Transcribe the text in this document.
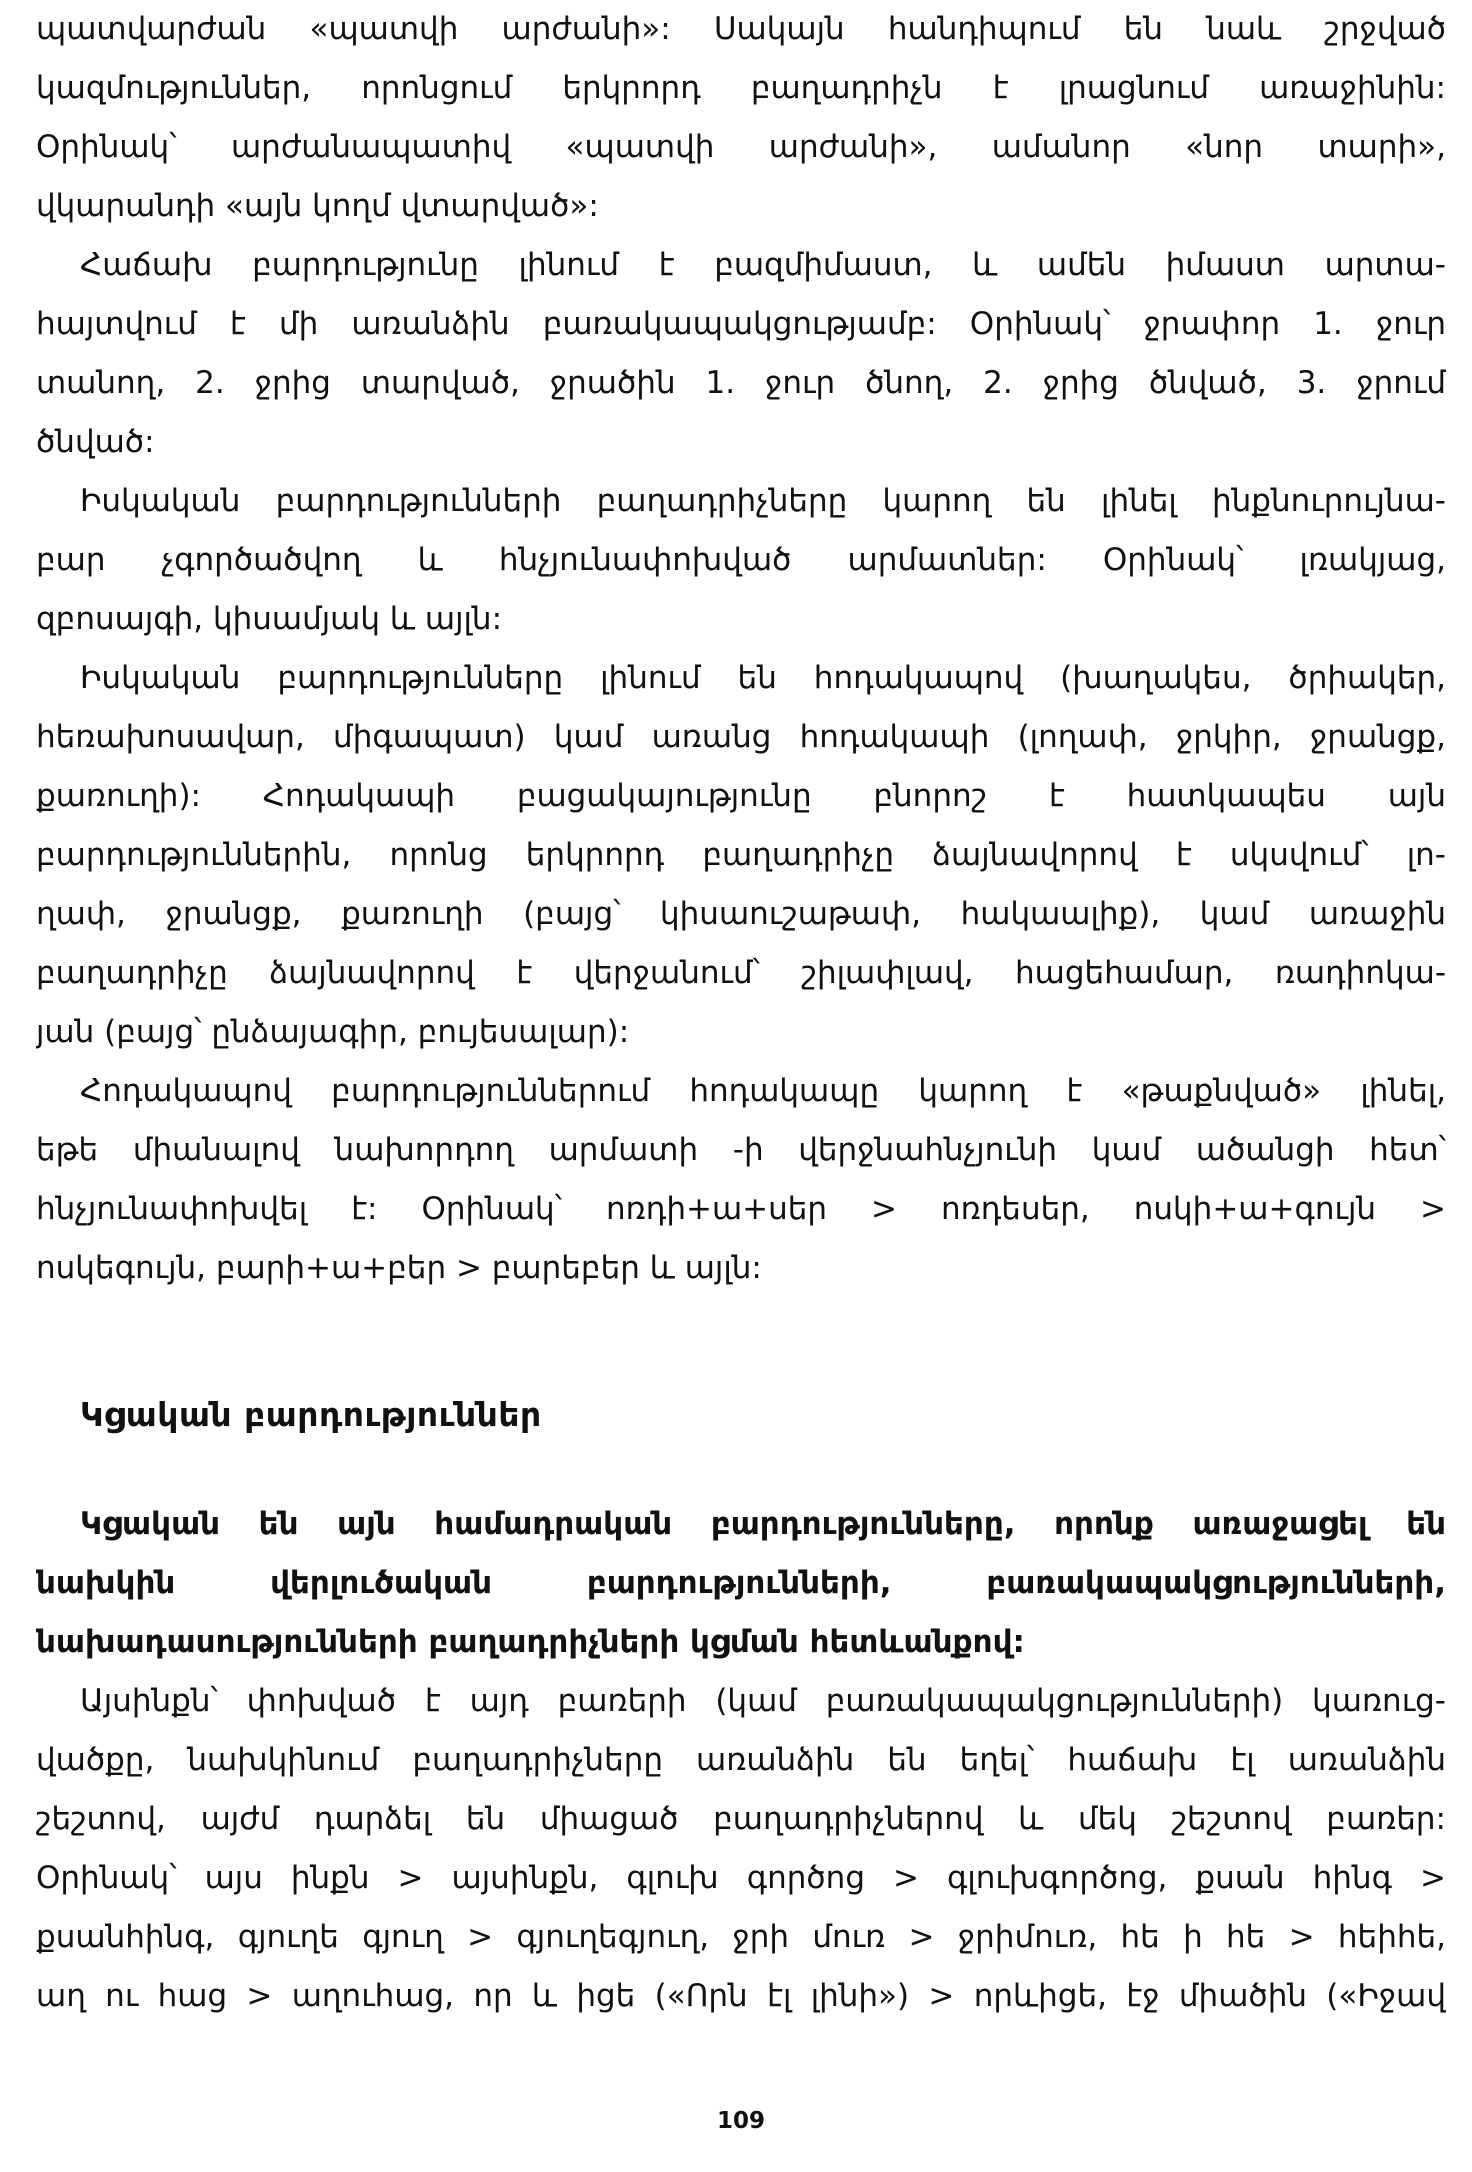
պատվարժան «պատվի արժանի»: Սակայն հանդիպում են նաև շրջված
կազմություններ, որոնցում երկրորդ բաղադրիչն է լրացնում առաջինին:
Օրինակ՝ արժանապատիվ «պատվի արժանի», ամանոր «նոր տարի»,
վկարանդի «այն կողմ վտարված»:
Հաճախ բարդությունը լինում է բազմիմաստ, և ամեն իմաստ արտա-
հայտվում է մի առանձին բառակապակցությամբ: Օրինակ՝ ջրափոր 1. ջուր
տանող, 2. ջրից տարված, ջրածին 1. ջուր ծնող, 2. ջրից ծնված, 3. ջրում
ծնված:
Իսկական բարդությունների բաղադրիչները կարող են լինել ինքնուրույնա-
բար չգործածվող և հնչյունափոխված արմատներ: Օրինակ՝ լռակյաց,
զբոսայգի, կիսամյակ և այլն:
Իսկական բարդությունները լինում են հոդակապով (խաղակես, ծրիակեր,
հեռախոսավար, միգապատ) կամ առանց հոդակապի (լողափ, ջրկիր, ջրանցք,
քառուղի): Հոդակապի բացակայությունը բնորոշ է հատկապես այն
բարդություններին, որոնց երկրորդ բաղադրիչը ձայնավորով է սկսվում՝ լո-
ղափ, ջրանցք, քառուղի (բայց՝ կիսաուշաթափ, հակաալիք), կամ առաջին
բաղադրիչը ձայնավորով է վերջանում՝ շիլափլավ, հացեհամար, ռադիոկա-
յան (բայց՝ ընձայագիր, բույեսալար):
Հոդակապով բարդություններում հոդակապը կարող է «թաքնված» լինել,
եթե միանալով նախորդող արմատի -ի վերջնահնչյունի կամ ածանցի հետ՝
հնչյունափոխվել է: Օրինակ՝ ոռդի+ա+սեր > ոռդեսեր, ոսկի+ա+գույն >
ոսկեգույն, բարի+ա+բեր > բարեբեր և այլն:
Կցական բարդություններ
Կցական են այն համադրական բարդությունները, որոնք առաջացել են
նախկին վերլուծական բարդությունների, բառակապակցությունների,
նախադասությունների բաղադրիչների կցման հետևանքով:
Այսինքն՝ փոխված է այդ բառերի (կամ բառակապակցությունների) կառուց-
վածքը, նախկինում բաղադրիչները առանձին են եղել՝ հաճախ էլ առանձին
շեշտով, այժմ դարձել են միացած բաղադրիչներով և մեկ շեշտով բառեր:
Օրինակ՝ այս ինքն > այսինքն, գլուխ գործոց > գլուխգործոց, քսան հինգ >
քսանհինգ, գյուղե գյուղ > գյուղեգյուղ, ջրի մուռ > ջրիմուռ, հե ի հե > հեիհե,
աղ ու հաց > աղուհաց, որ և իցե («Որն էլ լինի») > որևիցե, էջ միածին («Իջավ
109
